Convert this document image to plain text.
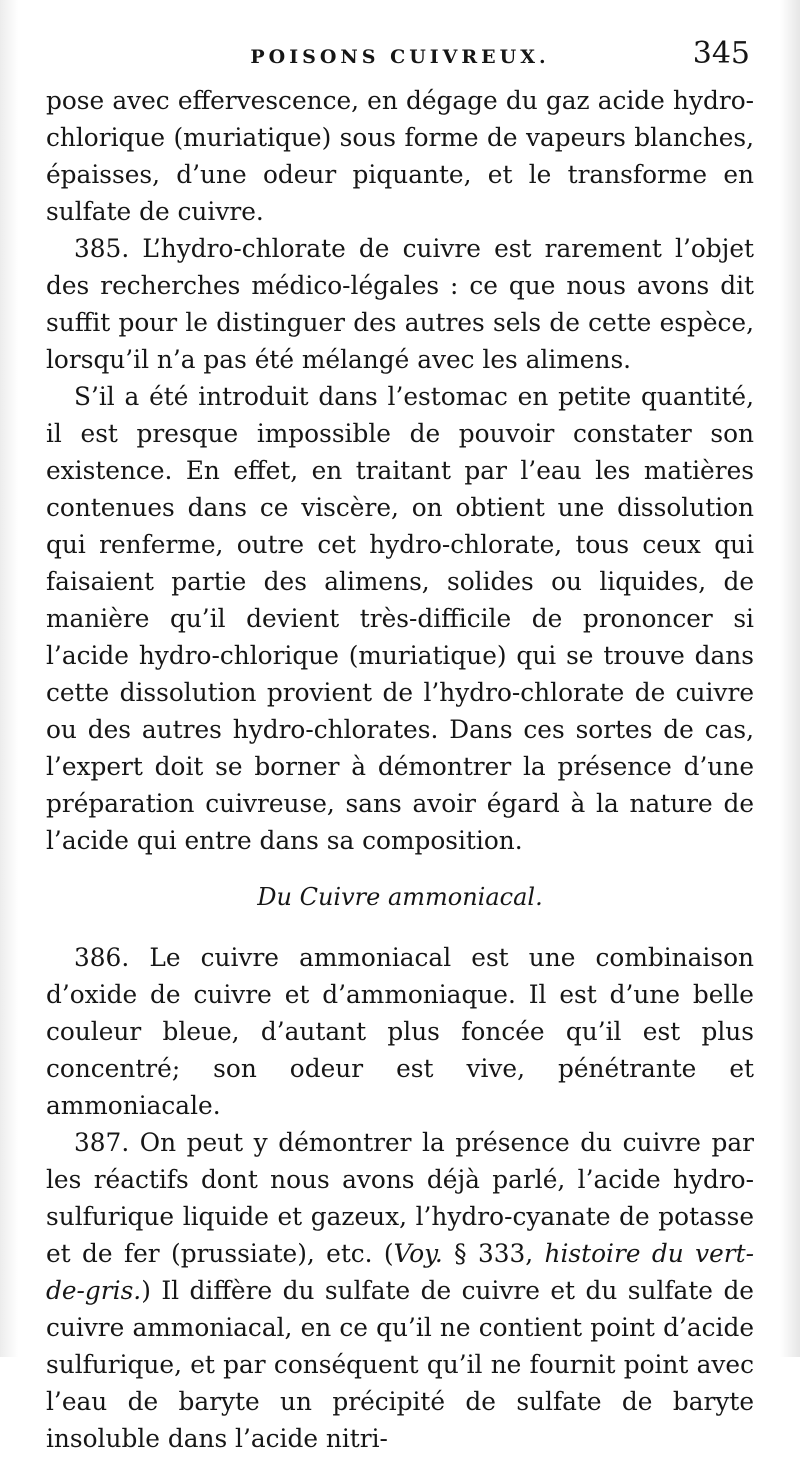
POISONS CUIVREUX.	345

pose avec effervescence, en dégage du gaz acide hydro-chlorique (muriatique) sous forme de vapeurs blanches, épaisses, d’une odeur piquante, et le transforme en sulfate de cuivre.

385. L’hydro-chlorate de cuivre est rarement l’objet des recherches médico-légales : ce que nous avons dit suffit pour le distinguer des autres sels de cette espèce, lorsqu’il n’a pas été mélangé avec les alimens.

S’il a été introduit dans l’estomac en petite quantité, il est presque impossible de pouvoir constater son existence. En effet, en traitant par l’eau les matières contenues dans ce viscère, on obtient une dissolution qui renferme, outre cet hydro-chlorate, tous ceux qui faisaient partie des alimens, solides ou liquides, de manière qu’il devient très-difficile de prononcer si l’acide hydro-chlorique (muriatique) qui se trouve dans cette dissolution provient de l’hydro-chlorate de cuivre ou des autres hydro-chlorates. Dans ces sortes de cas, l’expert doit se borner à démontrer la présence d’une préparation cuivreuse, sans avoir égard à la nature de l’acide qui entre dans sa composition.

Du Cuivre ammoniacal.

386. Le cuivre ammoniacal est une combinaison d’oxide de cuivre et d’ammoniaque. Il est d’une belle couleur bleue, d’autant plus foncée qu’il est plus concentré; son odeur est vive, pénétrante et ammoniacale.

387. On peut y démontrer la présence du cuivre par les réactifs dont nous avons déjà parlé, l’acide hydro-sulfurique liquide et gazeux, l’hydro-cyanate de potasse et de fer (prussiate), etc. (Voy. § 333, histoire du vert-de-gris.) Il diffère du sulfate de cuivre et du sulfate de cuivre ammoniacal, en ce qu’il ne contient point d’acide sulfurique, et par conséquent qu’il ne fournit point avec l’eau de baryte un précipité de sulfate de baryte insoluble dans l’acide nitri-
